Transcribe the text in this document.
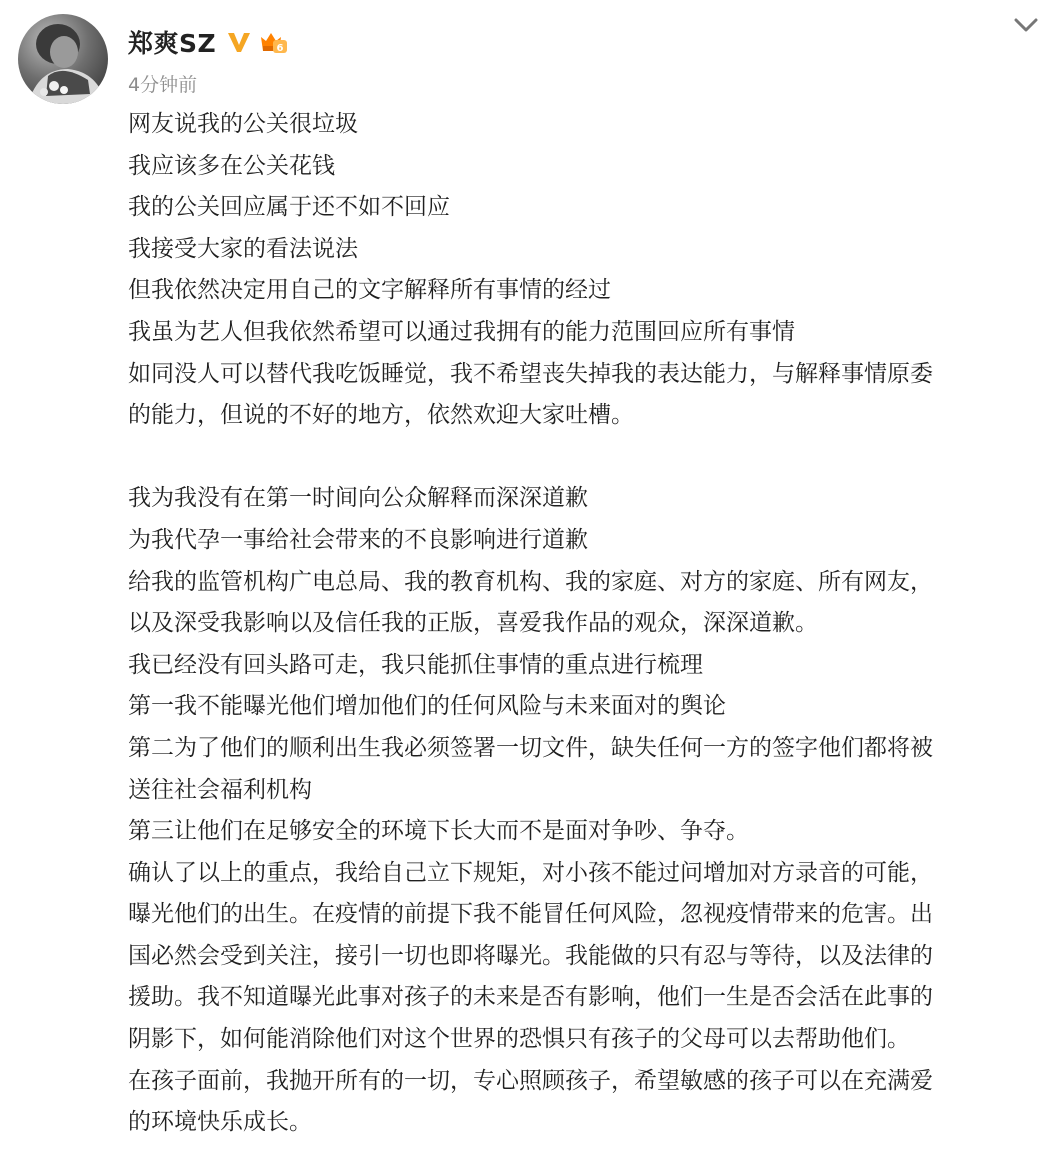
郑爽SZ	6
4分钟前

网友说我的公关很垃圾

我应该多在公关花钱

我的公关回应属于还不如不回应

我接受大家的看法说法

但我依然决定用自己的文字解释所有事情的经过

我虽为艺人但我依然希望可以通过我拥有的能力范围回应所有事情

如同没人可以替代我吃饭睡觉，我不希望丧失掉我的表达能力，与解释事情原委

的能力，但说的不好的地方，依然欢迎大家吐槽。

我为我没有在第一时间向公众解释而深深道歉

为我代孕一事给社会带来的不良影响进行道歉

给我的监管机构广电总局、我的教育机构、我的家庭、对方的家庭、所有网友，

以及深受我影响以及信任我的正版，喜爱我作品的观众，深深道歉。

我已经没有回头路可走，我只能抓住事情的重点进行梳理

第一我不能曝光他们增加他们的任何风险与未来面对的舆论

第二为了他们的顺利出生我必须签署一切文件，缺失任何一方的签字他们都将被

送往社会福利机构

第三让他们在足够安全的环境下长大而不是面对争吵、争夺。

确认了以上的重点，我给自己立下规矩，对小孩不能过问增加对方录音的可能，

曝光他们的出生。在疫情的前提下我不能冒任何风险，忽视疫情带来的危害。出

国必然会受到关注，接引一切也即将曝光。我能做的只有忍与等待，以及法律的

援助。我不知道曝光此事对孩子的未来是否有影响，他们一生是否会活在此事的

阴影下，如何能消除他们对这个世界的恐惧只有孩子的父母可以去帮助他们。

在孩子面前，我抛开所有的一切，专心照顾孩子，希望敏感的孩子可以在充满爱

的环境快乐成长。
